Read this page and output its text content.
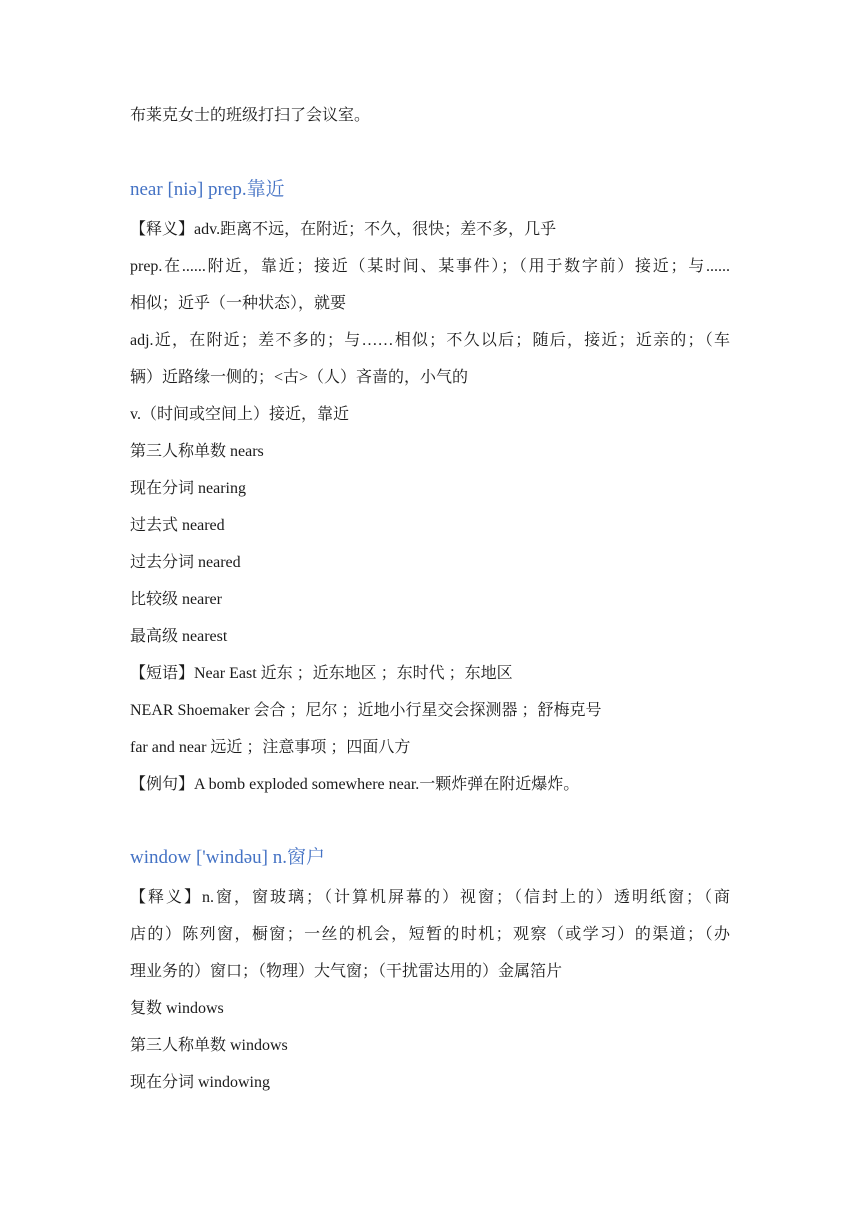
布莱克女士的班级打扫了会议室。
near [niə] prep.靠近
【释义】adv.距离不远，在附近；不久，很快；差不多，几乎
prep.在......附近，靠近；接近（某时间、某事件）；（用于数字前）接近；与......
相似；近乎（一种状态），就要
adj.近，在附近；差不多的；与……相似；不久以后；随后，接近；近亲的；（车
辆）近路缘一侧的；<古>（人）吝啬的，小气的
v.（时间或空间上）接近，靠近
第三人称单数 nears
现在分词 nearing
过去式 neared
过去分词 neared
比较级 nearer
最高级 nearest
【短语】Near East 近东 ；近东地区 ；东时代 ；东地区
NEAR Shoemaker 会合 ；尼尔 ；近地小行星交会探测器 ；舒梅克号
far and near 远近 ；注意事项 ；四面八方
【例句】A bomb exploded somewhere near.一颗炸弹在附近爆炸。
window ['windəu] n.窗户
【释义】n.窗，窗玻璃；（计算机屏幕的）视窗；（信封上的）透明纸窗；（商
店的）陈列窗，橱窗；一丝的机会，短暂的时机；观察（或学习）的渠道；（办
理业务的）窗口；（物理）大气窗；（干扰雷达用的）金属箔片
复数 windows
第三人称单数 windows
现在分词 windowing
